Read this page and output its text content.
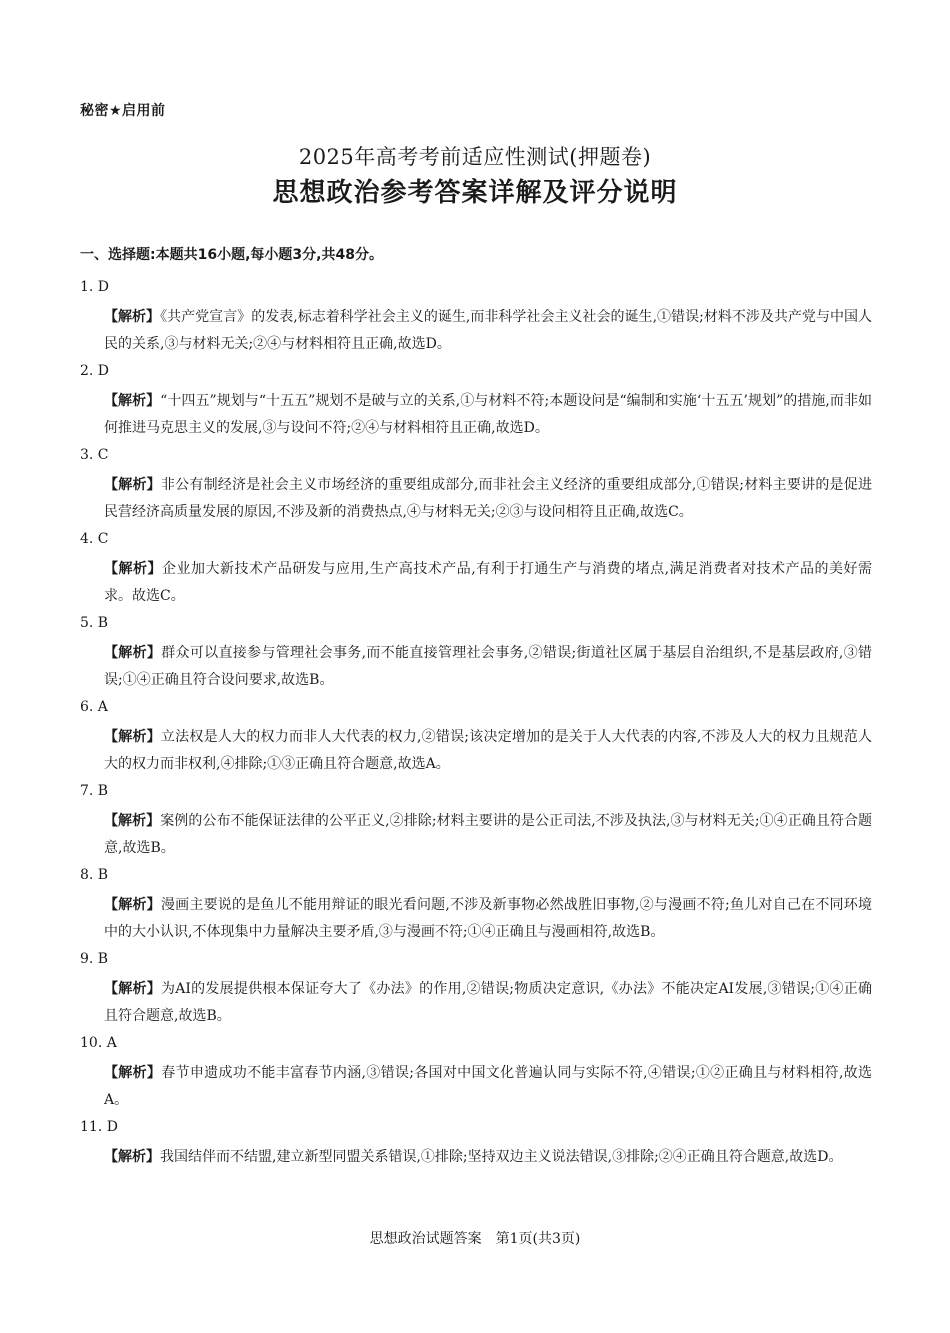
秘密★启用前
2025年高考考前适应性测试(押题卷)
思想政治参考答案详解及评分说明
一、选择题:本题共16小题,每小题3分,共48分。
1. D

【解析】《共产党宣言》的发表,标志着科学社会主义的诞生,而非科学社会主义社会的诞生,①错误;材料不涉及共产党与中国人民的关系,③与材料无关;②④与材料相符且正确,故选D。

2. D

【解析】“十四五”规划与“十五五”规划不是破与立的关系,①与材料不符;本题设问是“编制和实施‘十五五’规划”的措施,而非如何推进马克思主义的发展,③与设问不符;②④与材料相符且正确,故选D。

3. C

【解析】非公有制经济是社会主义市场经济的重要组成部分,而非社会主义经济的重要组成部分,①错误;材料主要讲的是促进民营经济高质量发展的原因,不涉及新的消费热点,④与材料无关;②③与设问相符且正确,故选C。

4. C

【解析】企业加大新技术产品研发与应用,生产高技术产品,有利于打通生产与消费的堵点,满足消费者对技术产品的美好需求。故选C。

5. B

【解析】群众可以直接参与管理社会事务,而不能直接管理社会事务,②错误;街道社区属于基层自治组织,不是基层政府,③错误;①④正确且符合设问要求,故选B。

6. A

【解析】立法权是人大的权力而非人大代表的权力,②错误;该决定增加的是关于人大代表的内容,不涉及人大的权力且规范人大的权力而非权利,④排除;①③正确且符合题意,故选A。

7. B

【解析】案例的公布不能保证法律的公平正义,②排除;材料主要讲的是公正司法,不涉及执法,③与材料无关;①④正确且符合题意,故选B。

8. B

【解析】漫画主要说的是鱼儿不能用辩证的眼光看问题,不涉及新事物必然战胜旧事物,②与漫画不符;鱼儿对自己在不同环境中的大小认识,不体现集中力量解决主要矛盾,③与漫画不符;①④正确且与漫画相符,故选B。

9. B

【解析】为AI的发展提供根本保证夸大了《办法》的作用,②错误;物质决定意识,《办法》不能决定AI发展,③错误;①④正确且符合题意,故选B。

10. A

【解析】春节申遗成功不能丰富春节内涵,③错误;各国对中国文化普遍认同与实际不符,④错误;①②正确且与材料相符,故选A。

11. D

【解析】我国结伴而不结盟,建立新型同盟关系错误,①排除;坚持双边主义说法错误,③排除;②④正确且符合题意,故选D。

思想政治试题答案　第1页(共3页)
